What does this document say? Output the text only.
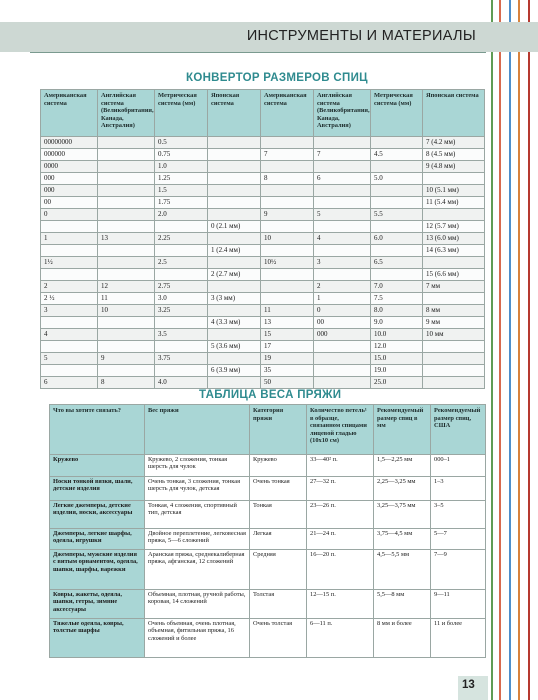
ИНСТРУМЕНТЫ И МАТЕРИАЛЫ
КОНВЕРТОР РАЗМЕРОВ СПИЦ
Американская система	Английская система (Великобритания, Канада, Австралия)	Метрическая система (мм)	Японская система	Американская система	Английская система (Великобритания, Канада, Австралия)	Метрическая система (мм)	Японская система
00000000		0.5					7 (4.2 мм)
000000		0.75		7	7	4.5	8 (4.5 мм)
0000		1.0					9 (4.8 мм)
000		1.25		8	6	5.0	
000		1.5					10 (5.1 мм)
00		1.75					11 (5.4 мм)
0		2.0		9	5	5.5	
			0 (2.1 мм)				12 (5.7 мм)
1	13	2.25		10	4	6.0	13 (6.0 мм)
			1 (2.4 мм)				14 (6.3 мм)
1½		2.5		10½	3	6.5	
			2 (2.7 мм)				15 (6.6 мм)
2	12	2.75			2	7.0	7 мм
2 ½	11	3.0	3 (3 мм)		1	7.5	
3	10	3.25		11	0	8.0	8 мм
			4 (3.3 мм)	13	00	9.0	9 мм
4		3.5		15	000	10.0	10 мм
			5 (3.6 мм)	17		12.0	
5	9	3.75		19		15.0	
			6 (3.9 мм)	35		19.0	
6	8	4.0		50		25.0	
ТАБЛИЦА ВЕСА ПРЯЖИ
Что вы хотите связать?	Вес пряжи	Категория пряжи	Количество петель¹ в образце, связанном спицами лицевой гладью (10х10 см)	Рекомендуемый размер спиц в мм	Рекомендуемый размер спиц, США
Кружево	Кружево, 2 сложения, тонкая шерсть для чулок	Кружево	33—40² п.	1,5—2,25 мм	000–1
Носки тонкой вязки, шали, детские изделия	Очень тонкая, 3 сложения, тонкая шерсть для чулок, детская	Очень тонкая	27—32 п.	2,25—3,25 мм	1–3
Легкие джемперы, детские изделия, носки, аксессуары	Тонкая, 4 сложения, спортивный тип, детская	Тонкая	23—26 п.	3,25—3,75 мм	3–5
Джемперы, легкие шарфы, одеяла, игрушки	Двойное переплетение, легковесная пряжа, 5—6 сложений	Легкая	21—24 п.	3,75—4,5 мм	5—7
Джемперы, мужские изделия с витым орнаментом, одеяла, шапки, шарфы, варежки	Аранская пряжа, среднекалиберная пряжа, афганская, 12 сложений	Средняя	16—20 п.	4,5—5,5 мм	7—9
Ковры, жакеты, одеяла, шапки, гетры, зимние аксессуары	Объемная, плотная, ручной работы, коровая, 14 сложений	Толстая	12—15 п.	5,5—8 мм	9—11
Тяжелые одеяла, ковры, толстые шарфы	Очень объемная, очень плотная, объемная, фитильная пряжа, 16 сложений и более	Очень толстая	6—11 п.	8 мм и более	11 и более
13
